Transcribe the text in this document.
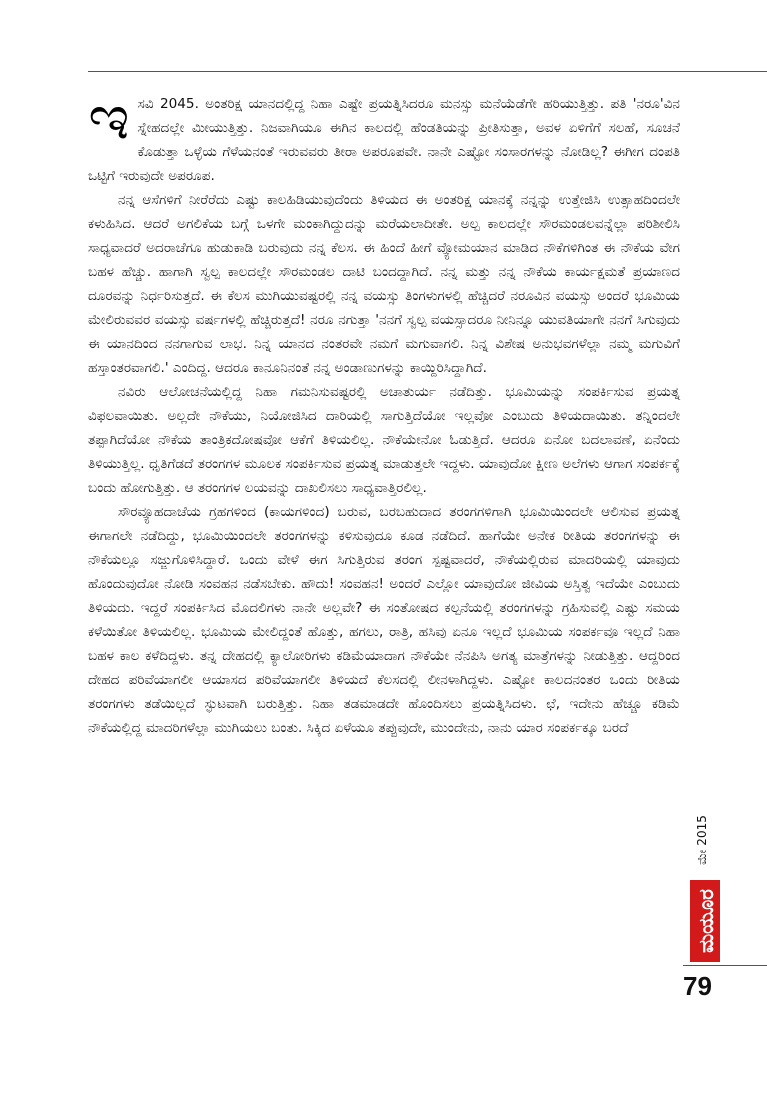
ಇಸವಿ 2045. ಅಂತರಿಕ್ಷ ಯಾನದಲ್ಲಿದ್ದ ನಿಹಾ ಎಷ್ಟೇ ಪ್ರಯತ್ನಿಸಿದರೂ ಮನಸ್ಸು ಮನೆಯೆಡೆಗೇ ಹರಿಯುತ್ತಿತ್ತು. ಪತಿ 'ನರೂ'ವಿನ ಸ್ನೇಹದಲ್ಲೇ ಮೀಯುತ್ತಿತ್ತು. ನಿಜವಾಗಿಯೂ ಈಗಿನ ಕಾಲದಲ್ಲಿ ಹೆಂಡತಿಯನ್ನು ಪ್ರೀತಿಸುತ್ತಾ, ಅವಳ ಏಳಿಗೆಗೆ ಸಲಹೆ, ಸೂಚನೆ ಕೊಡುತ್ತಾ ಒಳ್ಳೆಯ ಗೆಳೆಯನಂತೆ ಇರುವವರು ತೀರಾ ಅಪರೂಪವೇ. ನಾನೇ ಎಷ್ಟೋ ಸಂಸಾರಗಳನ್ನು ನೋಡಿಲ್ಲ? ಈಗೀಗ ದಂಪತಿ ಒಟ್ಟಿಗೆ ಇರುವುದೇ ಅಪರೂಪ.

ನನ್ನ ಆಸೆಗಳಿಗೆ ನೀರೆರೆದು ಎಷ್ಟು ಕಾಲಹಿಡಿಯುವುದೆಂದು ತಿಳಿಯದ ಈ ಅಂತರಿಕ್ಷ ಯಾನಕ್ಕೆ ನನ್ನನ್ನು ಉತ್ತೇಜಿಸಿ ಉತ್ಸಾಹದಿಂದಲೇ ಕಳುಹಿಸಿದ. ಆದರೆ ಅಗಲಿಕೆಯ ಬಗ್ಗೆ ಒಳಗೇ ಮಂಕಾಗಿದ್ದುದನ್ನು ಮರೆಯಲಾದೀತೇ. ಅಲ್ಪ ಕಾಲದಲ್ಲೇ ಸೌರಮಂಡಲವನ್ನೆಲ್ಲಾ ಪರಿಶೀಲಿಸಿ ಸಾಧ್ಯವಾದರೆ ಅದರಾಚೆಗೂ ಹುಡುಕಾಡಿ ಬರುವುದು ನನ್ನ ಕೆಲಸ. ಈ ಹಿಂದೆ ಹೀಗೆ ವ್ಯೋಮಯಾನ ಮಾಡಿದ ನೌಕೆಗಳಿಗಿಂತ ಈ ನೌಕೆಯ ವೇಗ ಬಹಳ ಹೆಚ್ಚು. ಹಾಗಾಗಿ ಸ್ವಲ್ಪ ಕಾಲದಲ್ಲೇ ಸೌರಮಂಡಲ ದಾಟಿ ಬಂದದ್ದಾಗಿದೆ. ನನ್ನ ಮತ್ತು ನನ್ನ ನೌಕೆಯ ಕಾರ್ಯಕ್ಷಮತೆ ಪ್ರಯಾಣದ ದೂರವನ್ನು ನಿರ್ಧರಿಸುತ್ತದೆ. ಈ ಕೆಲಸ ಮುಗಿಯುವಷ್ಟರಲ್ಲಿ ನನ್ನ ವಯಸ್ಸು ತಿಂಗಳುಗಳಲ್ಲಿ ಹೆಚ್ಚಿದರೆ ನರೂವಿನ ವಯಸ್ಸು ಅಂದರೆ ಭೂಮಿಯ ಮೇಲಿರುವವರ ವಯಸ್ಸು ವರ್ಷಗಳಲ್ಲಿ ಹೆಚ್ಚಿರುತ್ತದೆ! ನರೂ ನಗುತ್ತಾ 'ನನಗೆ ಸ್ವಲ್ಪ ವಯಸ್ಸಾದರೂ ನೀನಿನ್ನೂ ಯುವತಿಯಾಗೇ ನನಗೆ ಸಿಗುವುದು ಈ ಯಾನದಿಂದ ನನಗಾಗುವ ಲಾಭ. ನಿನ್ನ ಯಾನದ ನಂತರವೇ ನಮಗೆ ಮಗುವಾಗಲಿ. ನಿನ್ನ ವಿಶೇಷ ಅನುಭವಗಳೆಲ್ಲಾ ನಮ್ಮ ಮಗುವಿಗೆ ಹಸ್ತಾಂತರವಾಗಲಿ.' ಎಂದಿದ್ದ. ಆದರೂ ಕಾನೂನಿನಂತೆ ನನ್ನ ಅಂಡಾಣುಗಳನ್ನು ಕಾಯ್ದಿರಿಸಿದ್ದಾಗಿದೆ.

ನವಿರು ಆಲೋಚನೆಯಲ್ಲಿದ್ದ ನಿಹಾ ಗಮನಿಸುವಷ್ಟರಲ್ಲಿ ಅಚಾತುರ್ಯ ನಡೆದಿತ್ತು. ಭೂಮಿಯನ್ನು ಸಂಪರ್ಕಿಸುವ ಪ್ರಯತ್ನ ವಿಫಲವಾಯಿತು. ಅಲ್ಲದೇ ನೌಕೆಯು, ನಿಯೋಜಿಸಿದ ದಾರಿಯಲ್ಲಿ ಸಾಗುತ್ತಿದೆಯೋ ಇಲ್ಲವೋ ಎಂಬುದು ತಿಳಿಯದಾಯಿತು. ತನ್ನಿಂದಲೇ ತಪ್ಪಾಗಿದೆಯೋ ನೌಕೆಯ ತಾಂತ್ರಿಕದೋಷವೋ ಆಕೆಗೆ ತಿಳಿಯಲಿಲ್ಲ. ನೌಕೆಯೇನೋ ಓಡುತ್ತಿದೆ. ಆದರೂ ಏನೋ ಬದಲಾವಣೆ, ಏನೆಂದು ತಿಳಿಯುತ್ತಿಲ್ಲ. ಧೃತಿಗೆಡದೆ ತರಂಗಗಳ ಮೂಲಕ ಸಂಪರ್ಕಿಸುವ ಪ್ರಯತ್ನ ಮಾಡುತ್ತಲೇ ಇದ್ದಳು. ಯಾವುದೋ ಕ್ಷೀಣ ಅಲೆಗಳು ಆಗಾಗ ಸಂಪರ್ಕಕ್ಕೆ ಬಂದು ಹೋಗುತ್ತಿತ್ತು. ಆ ತರಂಗಗಳ ಲಯವನ್ನು ದಾಖಲಿಸಲು ಸಾಧ್ಯವಾತ್ತಿರಲಿಲ್ಲ.

ಸೌರವ್ಯೂಹದಾಚೆಯ ಗ್ರಹಗಳಿಂದ (ಕಾಯಗಳಿಂದ) ಬರುವ, ಬರಬಹುದಾದ ತರಂಗಗಳಿಗಾಗಿ ಭೂಮಿಯಿಂದಲೇ ಆಲಿಸುವ ಪ್ರಯತ್ನ ಈಗಾಗಲೇ ನಡೆದಿದ್ದು, ಭೂಮಿಯಿಂದಲೇ ತರಂಗಗಳನ್ನು ಕಳಿಸುವುದೂ ಕೂಡ ನಡೆದಿದೆ. ಹಾಗೆಯೇ ಅನೇಕ ರೀತಿಯ ತರಂಗಗಳನ್ನು ಈ ನೌಕೆಯಲ್ಲೂ ಸಜ್ಜುಗೊಳಿಸಿದ್ದಾರೆ. ಒಂದು ವೇಳೆ ಈಗ ಸಿಗುತ್ತಿರುವ ತರಂಗ ಸ್ಪಷ್ಟವಾದರೆ, ನೌಕೆಯಲ್ಲಿರುವ ಮಾದರಿಯಲ್ಲಿ ಯಾವುದು ಹೊಂದುವುದೋ ನೋಡಿ ಸಂವಹನ ನಡೆಸಬೇಕು. ಹೌದು! ಸಂವಹನ! ಅಂದರೆ ಎಲ್ಲೋ ಯಾವುದೋ ಜೀವಿಯ ಅಸ್ತಿತ್ವ ಇದೆಯೇ ಎಂಬುದು ತಿಳಿಯದು. ಇದ್ದರೆ ಸಂಪರ್ಕಿಸಿದ ಮೊದಲಿಗಳು ನಾನೇ ಅಲ್ಲವೇ? ಈ ಸಂತೋಷದ ಕಲ್ಪನೆಯಲ್ಲಿ ತರಂಗಗಳನ್ನು ಗ್ರಹಿಸುವಲ್ಲಿ ಎಷ್ಟು ಸಮಯ ಕಳೆಯಿತೋ ತಿಳಿಯಲಿಲ್ಲ. ಭೂಮಿಯ ಮೇಲಿದ್ದಂತೆ ಹೊತ್ತು, ಹಗಲು, ರಾತ್ರಿ, ಹಸಿವು ಏನೂ ಇಲ್ಲದೆ ಭೂಮಿಯ ಸಂಪರ್ಕವೂ ಇಲ್ಲದೆ ನಿಹಾ ಬಹಳ ಕಾಲ ಕಳೆದಿದ್ದಳು. ತನ್ನ ದೇಹದಲ್ಲಿ ಕ್ಯಾಲೋರಿಗಳು ಕಡಿಮೆಯಾದಾಗ ನೌಕೆಯೇ ನೆನಪಿಸಿ ಅಗತ್ಯ ಮಾತ್ರೆಗಳನ್ನು ನೀಡುತ್ತಿತ್ತು. ಆದ್ದರಿಂದ ದೇಹದ ಪರಿವೆಯಾಗಲೀ ಆಯಾಸದ ಪರಿವೆಯಾಗಲೀ ತಿಳಿಯದೆ ಕೆಲಸದಲ್ಲಿ ಲೀನಳಾಗಿದ್ದಳು. ಎಷ್ಟೋ ಕಾಲದನಂತರ ಒಂದು ರೀತಿಯ ತರಂಗಗಳು ತಡೆಯಿಲ್ಲದೆ ಸ್ಫುಟವಾಗಿ ಬರುತ್ತಿತ್ತು. ನಿಹಾ ತಡಮಾಡದೇ ಹೊಂದಿಸಲು ಪ್ರಯತ್ನಿಸಿದಳು. ಛೆ, ಇದೇನು ಹೆಚ್ಚೂ ಕಡಿಮೆ ನೌಕೆಯಲ್ಲಿದ್ದ ಮಾದರಿಗಳೆಲ್ಲಾ ಮುಗಿಯಲು ಬಂತು. ಸಿಕ್ಕಿದ ಏಳೆಯೂ ತಪ್ಪುವುದೇ, ಮುಂದೇನು, ನಾನು ಯಾರ ಸಂಪರ್ಕಕ್ಕೂ ಬರದೆ

ಮೇ 2015
ಮಯೂರ
79
